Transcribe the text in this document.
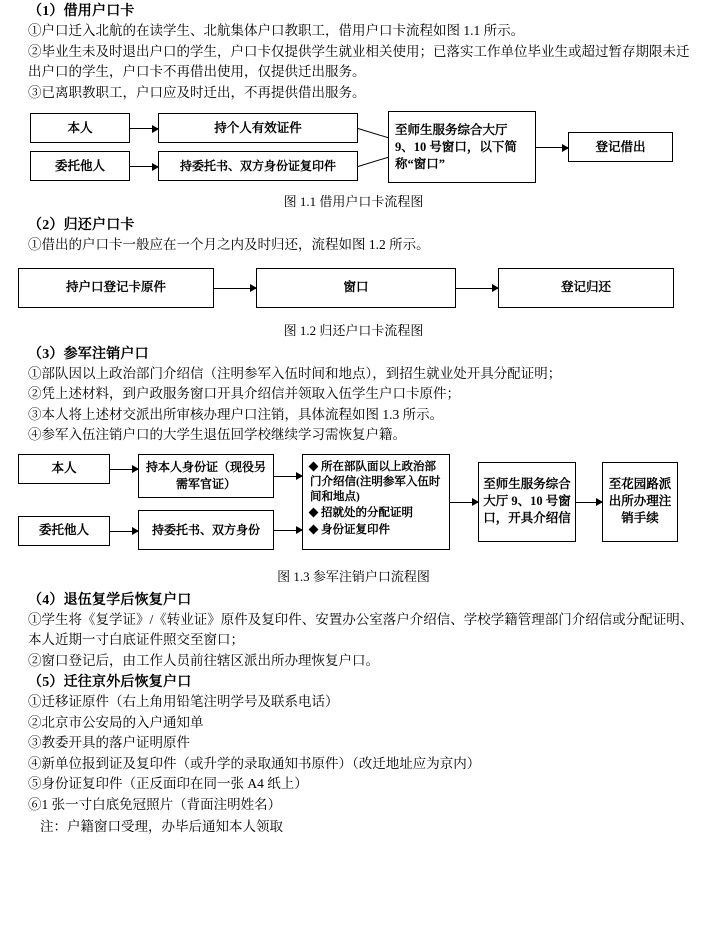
（1）借用户口卡
①户口迁入北航的在读学生、北航集体户口教职工，借用户口卡流程如图 1.1 所示。
②毕业生未及时退出户口的学生，户口卡仅提供学生就业相关使用；已落实工作单位毕业生或超过暂存期限未迁出户口的学生，户口卡不再借出使用，仅提供迁出服务。
③已离职教职工，户口应及时迁出，不再提供借出服务。
本人
委托他人
持个人有效证件
持委托书、双方身份证复印件
至师生服务综合大厅 9、10 号窗口，以下简称“窗口”
登记借出
图 1.1 借用户口卡流程图
（2）归还户口卡
①借出的户口卡一般应在一个月之内及时归还，流程如图 1.2 所示。
持户口登记卡原件	窗口	登记归还
图 1.2 归还户口卡流程图
（3）参军注销户口
①部队因以上政治部门介绍信（注明参军入伍时间和地点），到招生就业处开具分配证明；
②凭上述材料，到户政服务窗口开具介绍信并领取入伍学生户口卡原件；
③本人将上述材交派出所审核办理户口注销，具体流程如图 1.3 所示。
④参军入伍注销户口的大学生退伍回学校继续学习需恢复户籍。
本人
委托他人
持本人身份证（现役另需军官证）
持委托书、双方身份
所在部队面以上政治部门介绍信(注明参军入伍时间和地点)
招就处的分配证明
身份证复印件
至师生服务综合大厅 9、10 号窗口，开具介绍信
至花园路派出所办理注销手续
图 1.3 参军注销户口流程图
（4）退伍复学后恢复户口
①学生将《复学证》/《转业证》原件及复印件、安置办公室落户介绍信、学校学籍管理部门介绍信或分配证明、本人近期一寸白底证件照交至窗口；
②窗口登记后，由工作人员前往辖区派出所办理恢复户口。
（5）迁往京外后恢复户口
①迁移证原件（右上角用铅笔注明学号及联系电话）
②北京市公安局的入户通知单
③教委开具的落户证明原件
④新单位报到证及复印件（或升学的录取通知书原件）（改迁地址应为京内）
⑤身份证复印件（正反面印在同一张 A4 纸上）
⑥1 张一寸白底免冠照片（背面注明姓名）
注：户籍窗口受理，办毕后通知本人领取
